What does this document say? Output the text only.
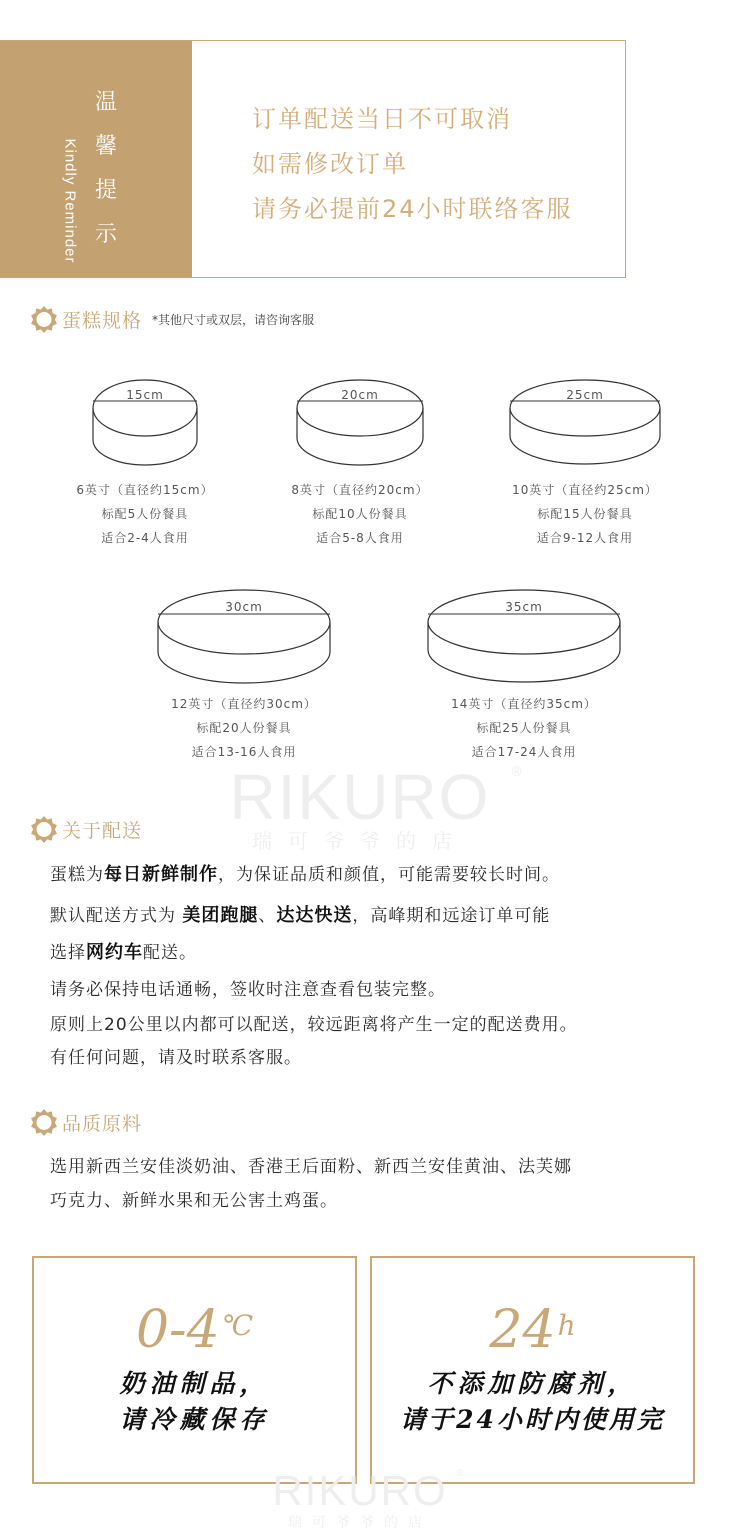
Kindly Reminder
温馨提示
订单配送当日不可取消
如需修改订单
请务必提前24小时联络客服
蛋糕规格 *其他尺寸或双层，请咨询客服
15cm
6英寸（直径约15cm）
标配5人份餐具
适合2-4人食用
20cm
8英寸（直径约20cm）
标配10人份餐具
适合5-8人食用
25cm
10英寸（直径约25cm）
标配15人份餐具
适合9-12人食用
30cm
12英寸（直径约30cm）
标配20人份餐具
适合13-16人食用
35cm
14英寸（直径约35cm）
标配25人份餐具
适合17-24人食用
RIKURO
瑞可爷爷的店
®
关于配送
蛋糕为每日新鲜制作，为保证品质和颜值，可能需要较长时间。
默认配送方式为 美团跑腿、达达快送，高峰期和远途订单可能
选择网约车配送。
请务必保持电话通畅，签收时注意查看包装完整。
原则上20公里以内都可以配送，较远距离将产生一定的配送费用。
有任何问题，请及时联系客服。
品质原料
选用新西兰安佳淡奶油、香港王后面粉、新西兰安佳黄油、法芙娜
巧克力、新鲜水果和无公害土鸡蛋。
0-4℃
奶油制品，
请冷藏保存
24$^h$
不添加防腐剂，
请于24小时内使用完
RIKURO
瑞可爷爷的店
®
